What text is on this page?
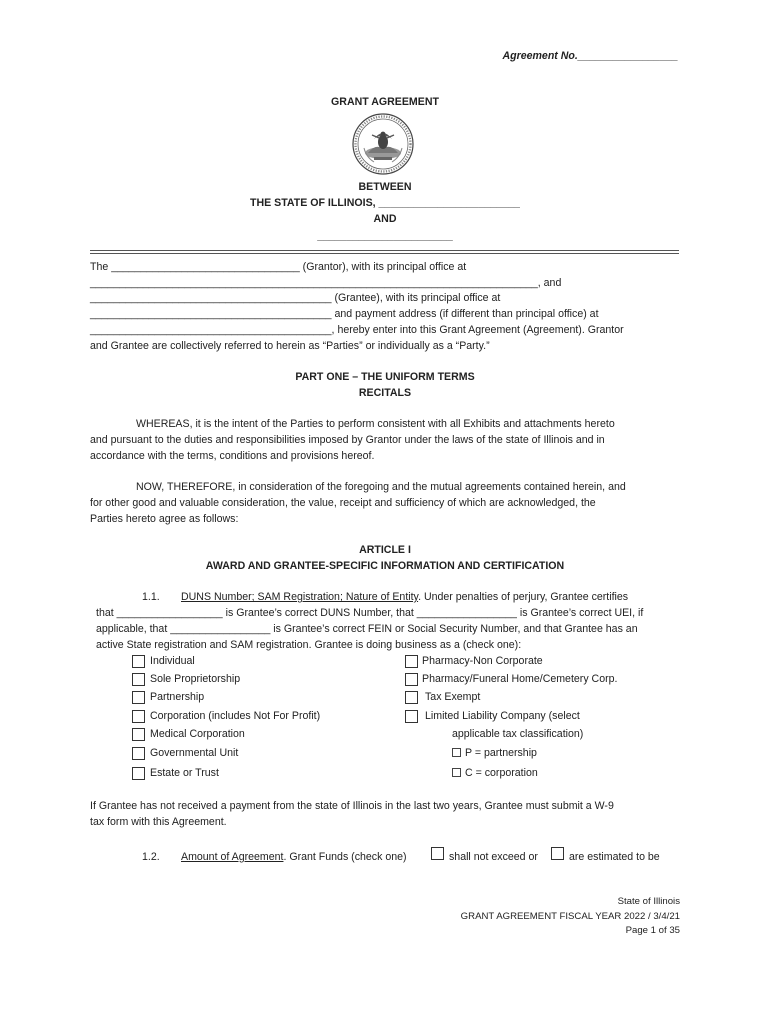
Agreement No._________________
GRANT AGREEMENT
BETWEEN
THE STATE OF ILLINOIS, ________________________
AND
_______________________
The ________________________________ (Grantor), with its principal office at
____________________________________________________________________________, and
_________________________________________ (Grantee), with its principal office at
_________________________________________ and payment address (if different than principal office) at
_________________________________________, hereby enter into this Grant Agreement (Agreement). Grantor
and Grantee are collectively referred to herein as “Parties” or individually as a “Party.”
PART ONE – THE UNIFORM TERMS
RECITALS
WHEREAS, it is the intent of the Parties to perform consistent with all Exhibits and attachments hereto
and pursuant to the duties and responsibilities imposed by Grantor under the laws of the state of Illinois and in
accordance with the terms, conditions and provisions hereof.
NOW, THEREFORE, in consideration of the foregoing and the mutual agreements contained herein, and
for other good and valuable consideration, the value, receipt and sufficiency of which are acknowledged, the
Parties hereto agree as follows:
ARTICLE I
AWARD AND GRANTEE-SPECIFIC INFORMATION AND CERTIFICATION
1.1. DUNS Number; SAM Registration; Nature of Entity. Under penalties of perjury, Grantee certifies
that __________________ is Grantee’s correct DUNS Number, that _________________ is Grantee’s correct UEI, if
applicable, that _________________ is Grantee’s correct FEIN or Social Security Number, and that Grantee has an
active State registration and SAM registration. Grantee is doing business as a (check one):
Individual
Sole Proprietorship
Partnership
Corporation (includes Not For Profit)
Medical Corporation
Governmental Unit
Estate or Trust
Pharmacy-Non Corporate
Pharmacy/Funeral Home/Cemetery Corp.
Tax Exempt
Limited Liability Company (select
applicable tax classification)
P = partnership
C = corporation
If Grantee has not received a payment from the state of Illinois in the last two years, Grantee must submit a W-9
tax form with this Agreement.
1.2. Amount of Agreement. Grant Funds (check one)	shall not exceed or	are estimated to be
State of Illinois
GRANT AGREEMENT FISCAL YEAR 2022 / 3/4/21
Page 1 of 35
